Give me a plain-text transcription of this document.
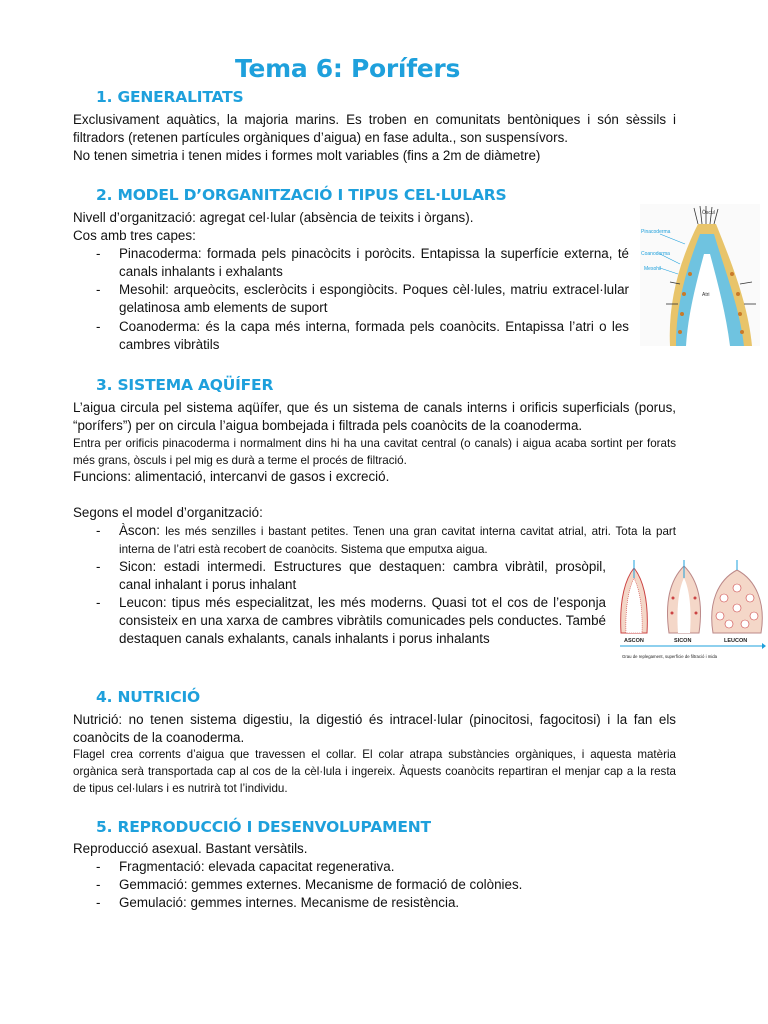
Tema 6: Porífers
1. GENERALITATS
Exclusivament aquàtics, la majoria marins. Es troben en comunitats bentòniques i són sèssils i filtradors (retenen partícules orgàniques d’aigua) en fase adulta., son suspensívors.
No tenen simetria i tenen mides i formes molt variables (fins a 2m de diàmetre)
2. MODEL D’ORGANITZACIÓ I TIPUS CEL·LULARS
Nivell d’organització: agregat cel·lular (absència de teixits i òrgans).
Cos amb tres capes:
- Pinacoderma: formada pels pinacòcits i poròcits. Entapissa la superfície externa, té canals inhalants i exhalants
- Mesohil: arqueòcits, escleròcits i espongiòcits. Poques cèl·lules, matriu extracel·lular gelatinosa amb elements de suport
- Coanoderma: és la capa més interna, formada pels coanòcits. Entapissa l’atri o les cambres vibràtils
Òscul
Pinacoderma
Coanoderma
Mesohil
Atri
3. SISTEMA AQÜÍFER
L’aigua circula pel sistema aqüífer, que és un sistema de canals interns i orificis superficials (porus, “porífers”) per on circula l’aigua bombejada i filtrada pels coanòcits de la coanoderma.
Entra per orificis pinacoderma i normalment dins hi ha una cavitat central (o canals) i aigua acaba sortint per forats més grans, òsculs i pel mig es durà a terme el procés de filtració.
Funcions: alimentació, intercanvi de gasos i excreció.
Segons el model d’organització:
- Àscon: les més senzilles i bastant petites. Tenen una gran cavitat interna cavitat atrial, atri. Tota la part interna de l’atri està recobert de coanòcits. Sistema que emputxa aigua.
- Sicon: estadi intermedi. Estructures que destaquen: cambra vibràtil, prosòpil, canal inhalant i porus inhalant
- Leucon: tipus més especialitzat, les més moderns. Quasi tot el cos de l’esponja consisteix en una xarxa de cambres vibràtils comunicades pels conductes. També destaquen canals exhalants, canals inhalants i porus inhalants	ASCON	SICON	LEUCON
Grau de replegament, superfície de filtració i mida
4. NUTRICIÓ
Nutrició: no tenen sistema digestiu, la digestió és intracel·lular (pinocitosi, fagocitosi) i la fan els coanòcits de la coanoderma.
Flagel crea corrents d’aigua que travessen el collar. El colar atrapa substàncies orgàniques, i aquesta matèria orgànica serà transportada cap al cos de la cèl·lula i ingereix. Àquests coanòcits repartiran el menjar cap a la resta de tipus cel·lulars i es nutrirà tot l’individu.
5. REPRODUCCIÓ I DESENVOLUPAMENT
Reproducció asexual. Bastant versàtils.
- Fragmentació: elevada capacitat regenerativa.
- Gemmació: gemmes externes. Mecanisme de formació de colònies.
- Gemulació: gemmes internes. Mecanisme de resistència.
